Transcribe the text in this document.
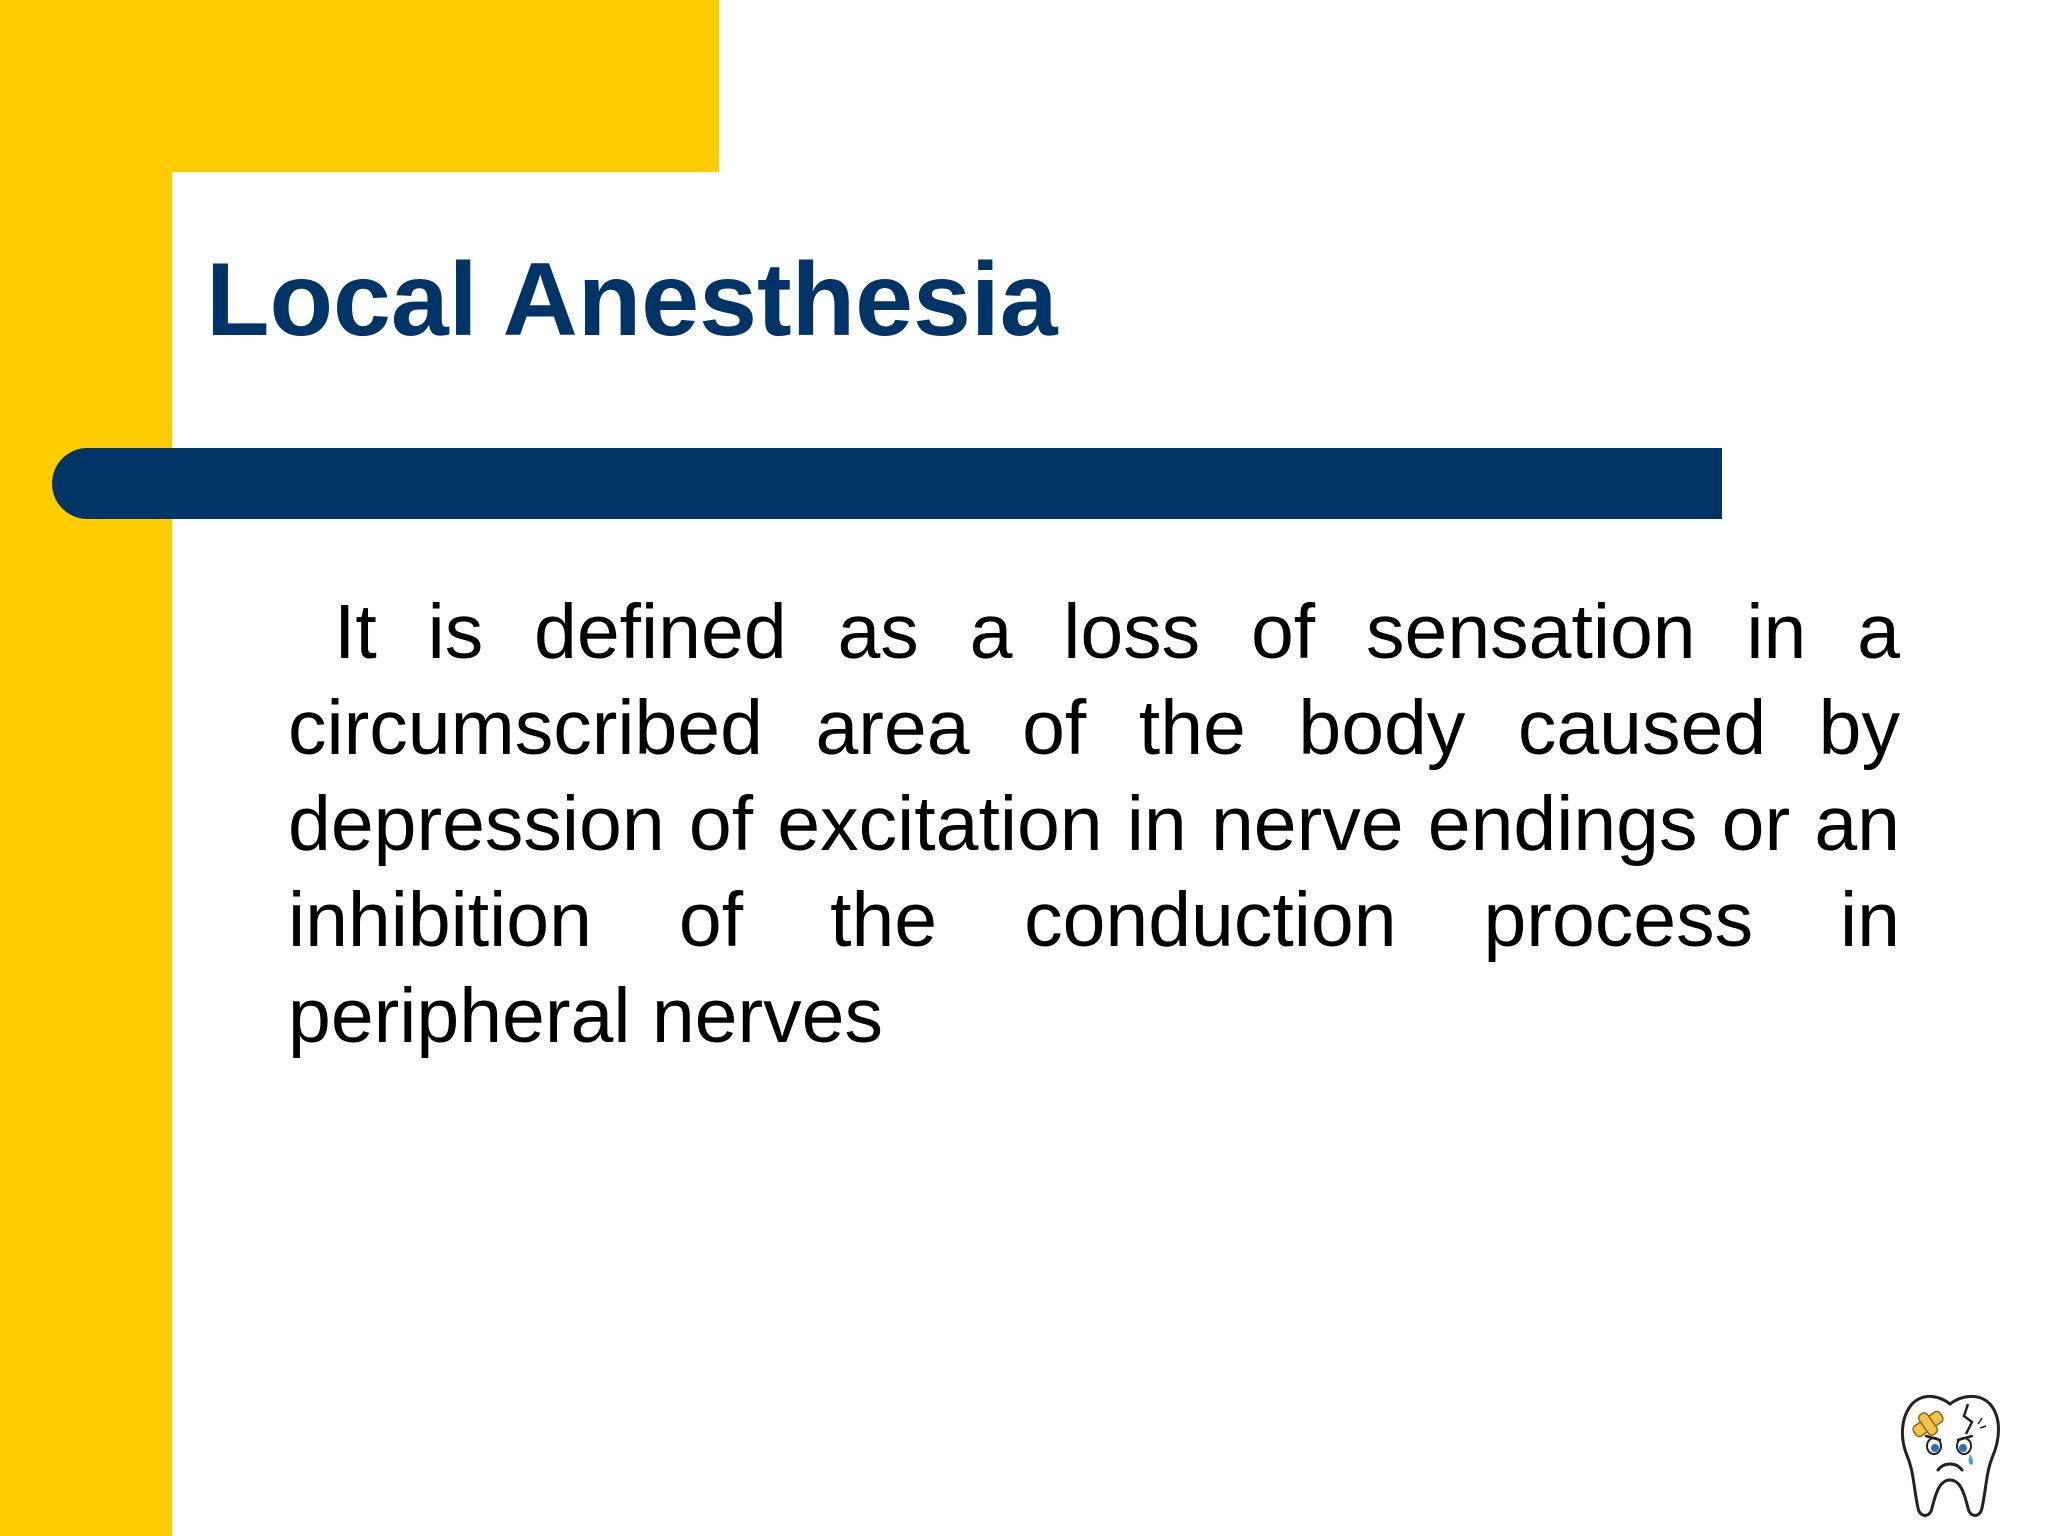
Local Anesthesia

It is defined as a loss of sensation in a circumscribed area of the body caused by depression of excitation in nerve endings or an inhibition of the conduction process in peripheral nerves
